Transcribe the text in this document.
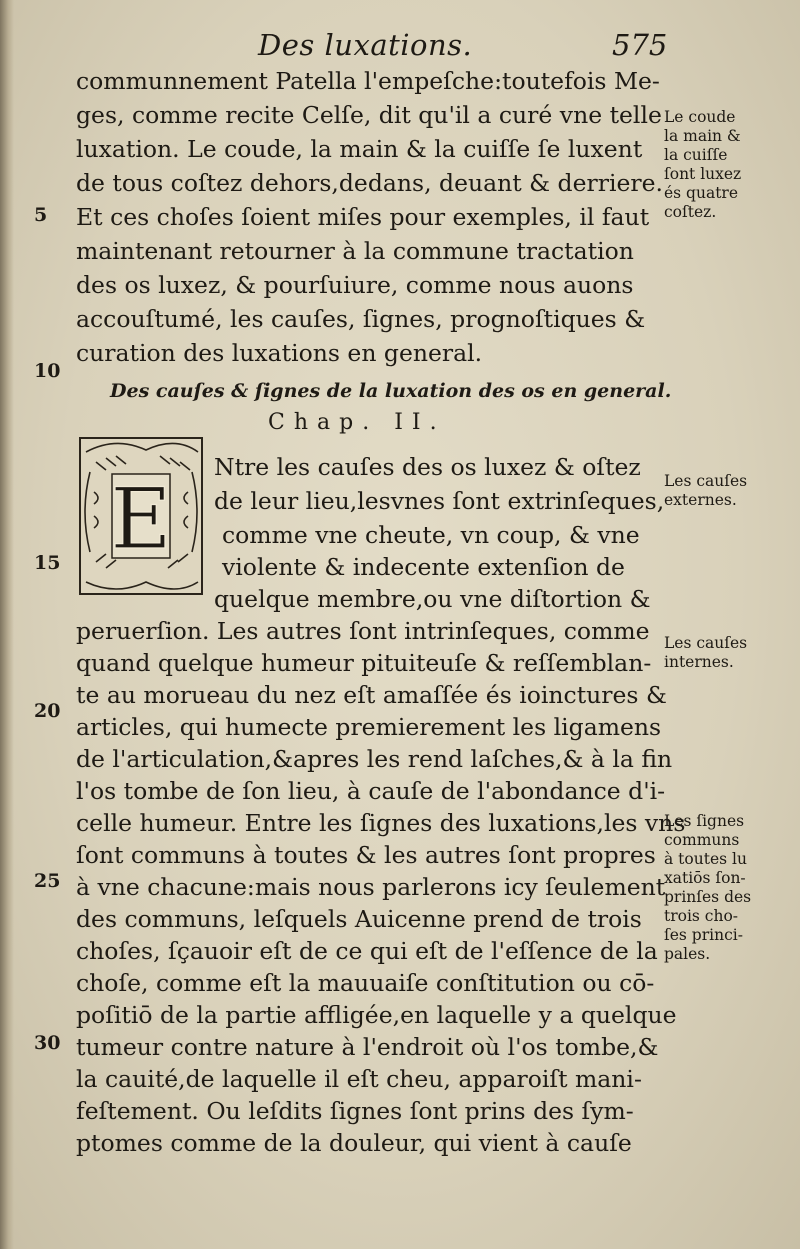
Des luxations.	575
communnement Patella l'empeſche:toutefois Me-
ges, comme recite Celſe, dit qu'il a curé vne telle
luxation. Le coude, la main & la cuiſſe ſe luxent
de tous coſtez dehors,dedans, deuant & derriere.
Et ces choſes ſoient miſes pour exemples, il faut
maintenant retourner à la commune tractation
des os luxez, & pourſuiure, comme nous auons
accouſtumé, les cauſes, ſignes, prognoſtiques &
curation des luxations en general.
Des cauſes & ſignes de la luxation des os en general.
Chap. II.
E
Ntre les cauſes des os luxez & oſtez
de leur lieu,lesvnes ſont extrinſeques,
comme vne cheute, vn coup, & vne
violente & indecente extenſion de
quelque membre,ou vne diſtortion &
peruerſion. Les autres ſont intrinſeques, comme
quand quelque humeur pituiteuſe & reſſemblan-
te au morueau du nez eſt amaſſée és ioinctures &
articles, qui humecte premierement les ligamens
de l'articulation,&apres les rend laſches,& à la fin
l'os tombe de ſon lieu, à cauſe de l'abondance d'i-
celle humeur. Entre les ſignes des luxations,les vns
ſont communs à toutes & les autres ſont propres
à vne chacune:mais nous parlerons icy ſeulement
des communs, leſquels Auicenne prend de trois
choſes, ſçauoir eſt de ce qui eſt de l'eſſence de la
choſe, comme eſt la mauuaiſe conſtitution ou cō-
poſitiō de la partie affligée,en laquelle y a quelque
tumeur contre nature à l'endroit où l'os tombe,&
la cauité,de laquelle il eſt cheu, apparoiſt mani-
feſtement. Ou leſdits ſignes ſont prins des ſym-
ptomes comme de la douleur, qui vient à cauſe
5
10
15
20
25
30
Le coude
la main &
la cuiſſe
ſont luxez
és quatre
coſtez.
Les cauſes
externes.
Les cauſes
internes.
Les ſignes
communs
à toutes lu
xatiōs ſon-
prinſes des
trois cho-
ſes princi-
pales.
